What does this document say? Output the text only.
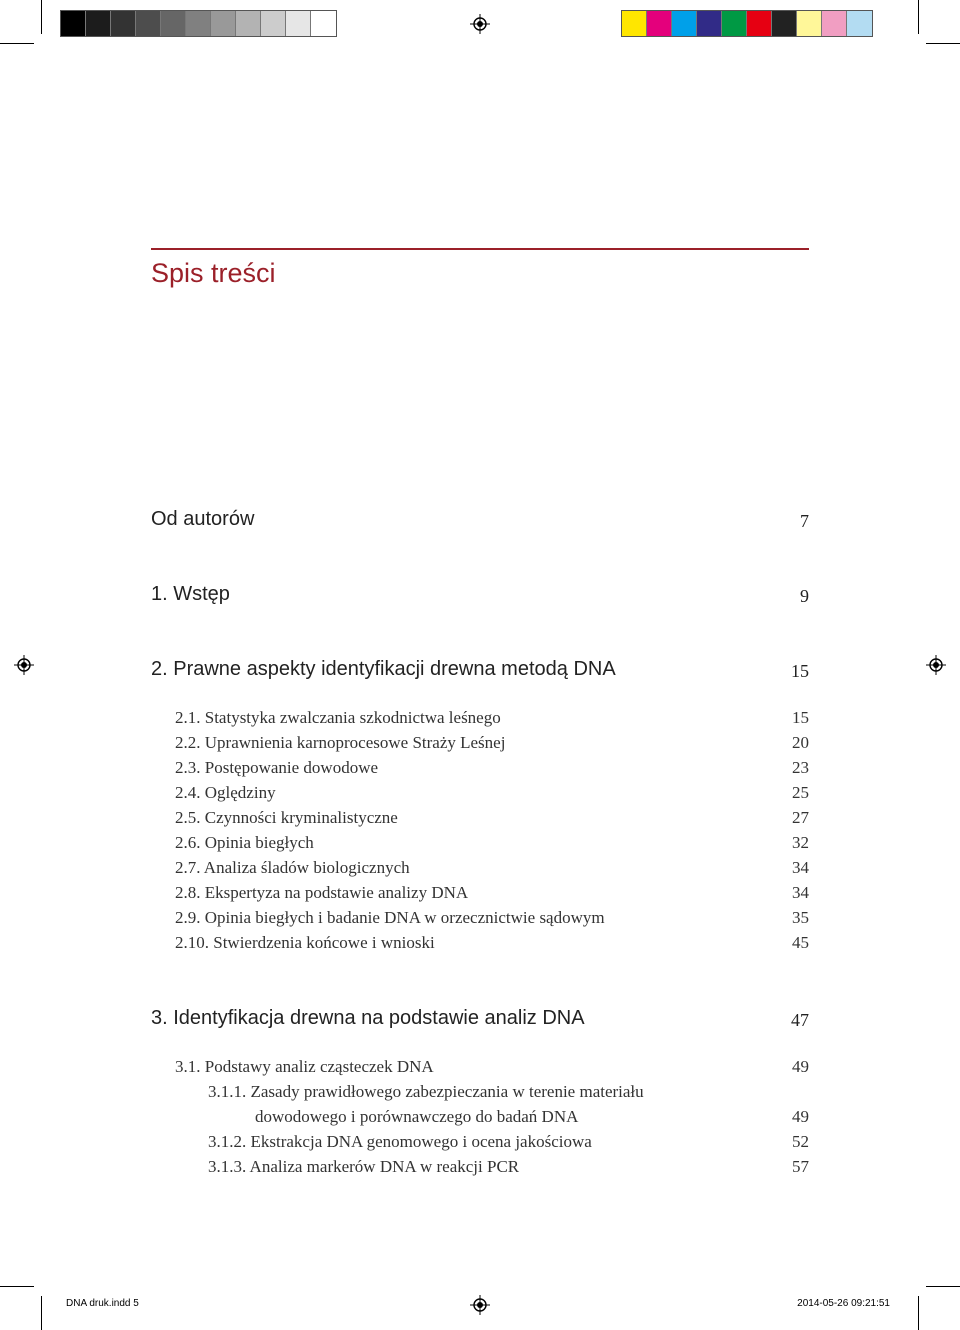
Spis treści
Od autorów	7
1. Wstęp	9
2. Prawne aspekty identyfikacji drewna metodą DNA	15
2.1. Statystyka zwalczania szkodnictwa leśnego	15
2.2. Uprawnienia karnoprocesowe Straży Leśnej	20
2.3. Postępowanie dowodowe	23
2.4. Oględziny	25
2.5. Czynności kryminalistyczne	27
2.6. Opinia biegłych	32
2.7. Analiza śladów biologicznych	34
2.8. Ekspertyza na podstawie analizy DNA	34
2.9. Opinia biegłych i badanie DNA w orzecznictwie sądowym	35
2.10. Stwierdzenia końcowe i wnioski	45
3. Identyfikacja drewna na podstawie analiz DNA	47
3.1. Podstawy analiz cząsteczek DNA	49
3.1.1. Zasady prawidłowego zabezpieczania w terenie materiału
dowodowego i porównawczego do badań DNA	49
3.1.2. Ekstrakcja DNA genomowego i ocena jakościowa	52
3.1.3. Analiza markerów DNA w reakcji PCR	57
DNA druk.indd 5	2014-05-26 09:21:51
